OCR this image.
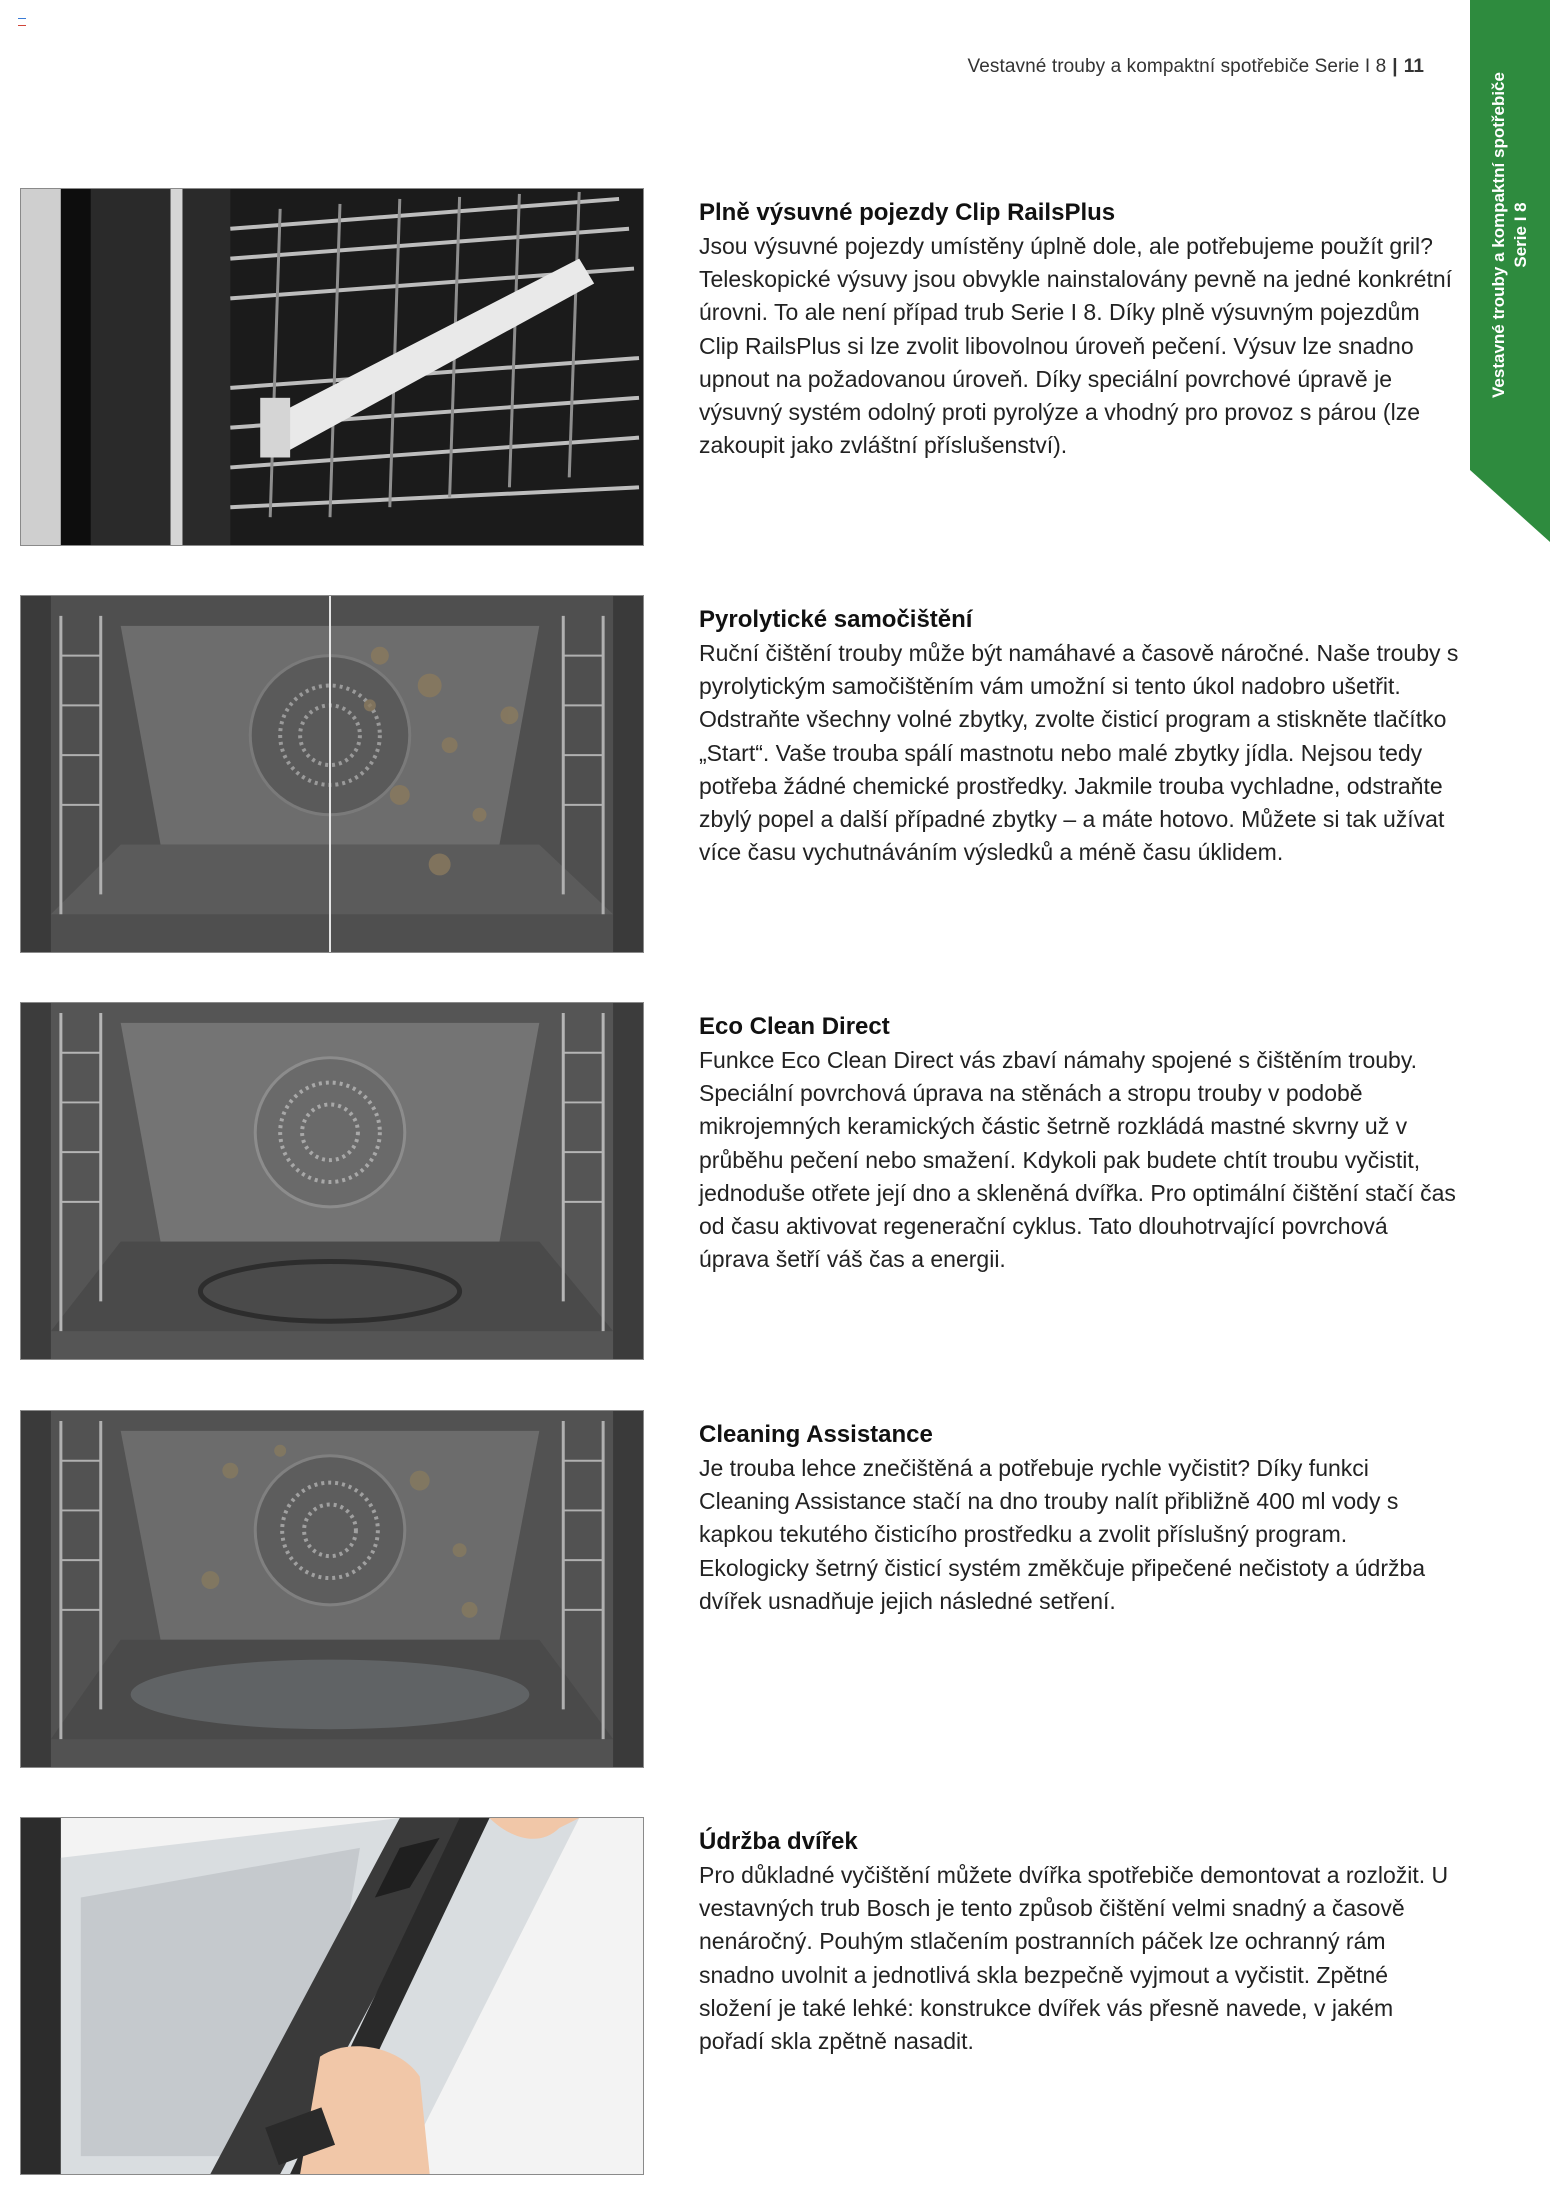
Vestavné trouby a kompaktní spotřebiče Serie I 8 | 11
Vestavné trouby a kompaktní spotřebiče Serie I 8
Plně výsuvné pojezdy Clip RailsPlus

Jsou výsuvné pojezdy umístěny úplně dole, ale potřebujeme použít gril? Teleskopické výsuvy jsou obvykle nainstalovány pevně na jedné konkrétní úrovni. To ale není případ trub Serie I 8. Díky plně výsuvným pojezdům Clip RailsPlus si lze zvolit libovolnou úroveň pečení. Výsuv lze snadno upnout na požadovanou úroveň. Díky speciální povrchové úpravě je výsuvný systém odolný proti pyrolýze a vhodný pro provoz s párou (lze zakoupit jako zvláštní příslušenství).

Pyrolytické samočištění

Ruční čištění trouby může být namáhavé a časově náročné. Naše trouby s pyrolytickým samočištěním vám umožní si tento úkol nadobro ušetřit. Odstraňte všechny volné zbytky, zvolte čisticí program a stiskněte tlačítko „Start“. Vaše trouba spálí mastnotu nebo malé zbytky jídla. Nejsou tedy potřeba žádné chemické prostředky. Jakmile trouba vychladne, odstraňte zbylý popel a další případné zbytky – a máte hotovo. Můžete si tak užívat více času vychutnáváním výsledků a méně času úklidem.

Eco Clean Direct

Funkce Eco Clean Direct vás zbaví námahy spojené s čištěním trouby. Speciální povrchová úprava na stěnách a stropu trouby v podobě mikrojemných keramických částic šetrně rozkládá mastné skvrny už v průběhu pečení nebo smažení. Kdykoli pak budete chtít troubu vyčistit, jednoduše otřete její dno a skleněná dvířka. Pro optimální čištění stačí čas od času aktivovat regenerační cyklus. Tato dlouhotrvající povrchová úprava šetří váš čas a energii.

Cleaning Assistance

Je trouba lehce znečištěná a potřebuje rychle vyčistit? Díky funkci Cleaning Assistance stačí na dno trouby nalít přibližně 400 ml vody s kapkou tekutého čisticího prostředku a zvolit příslušný program. Ekologicky šetrný čisticí systém změkčuje připečené nečistoty a údržba dvířek usnadňuje jejich následné setření.

Údržba dvířek

Pro důkladné vyčištění můžete dvířka spotřebiče demontovat a rozložit. U vestavných trub Bosch je tento způsob čištění velmi snadný a časově nenáročný. Pouhým stlačením postranních páček lze ochranný rám snadno uvolnit a jednotlivá skla bezpečně vyjmout a vyčistit. Zpětné složení je také lehké: konstrukce dvířek vás přesně navede, v jakém pořadí skla zpětně nasadit.
